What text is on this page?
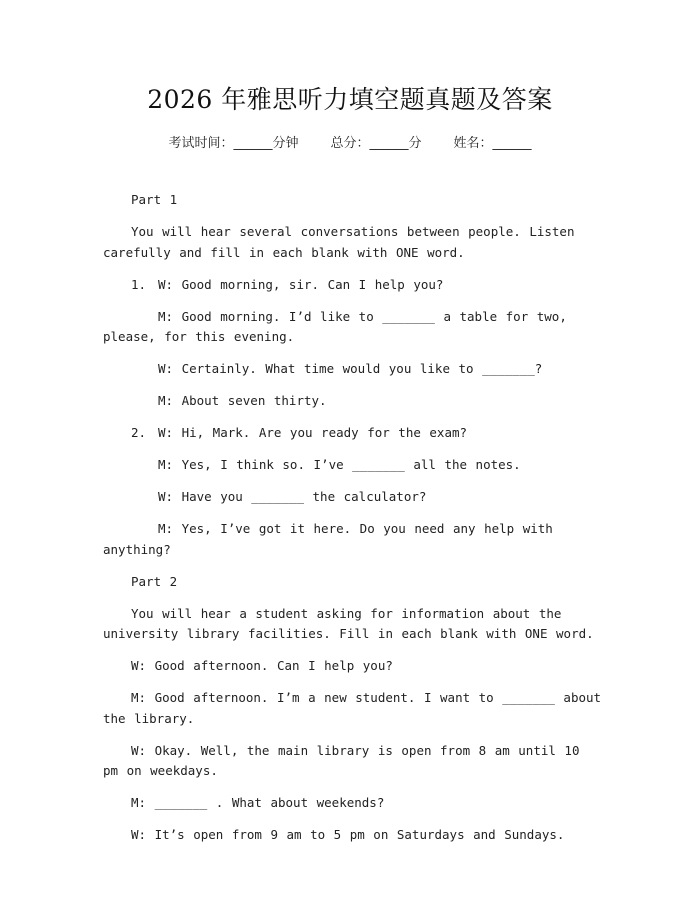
2026 年雅思听力填空题真题及答案
考试时间：______分钟 总分：______分 姓名：______

Part 1

You will hear several conversations between people. Listen carefully and fill in each blank with ONE word.

1. W: Good morning, sir. Can I help you?

M: Good morning. I’d like to _______ a table for two, please, for this evening.

W: Certainly. What time would you like to _______?

M: About seven thirty.

2. W: Hi, Mark. Are you ready for the exam?

M: Yes, I think so. I’ve _______ all the notes.

W: Have you _______ the calculator?

M: Yes, I’ve got it here. Do you need any help with anything?

Part 2

You will hear a student asking for information about the university library facilities. Fill in each blank with ONE word.

W: Good afternoon. Can I help you?

M: Good afternoon. I’m a new student. I want to _______ about the library.

W: Okay. Well, the main library is open from 8 am until 10 pm on weekdays.

M: _______ . What about weekends?

W: It’s open from 9 am to 5 pm on Saturdays and Sundays.
